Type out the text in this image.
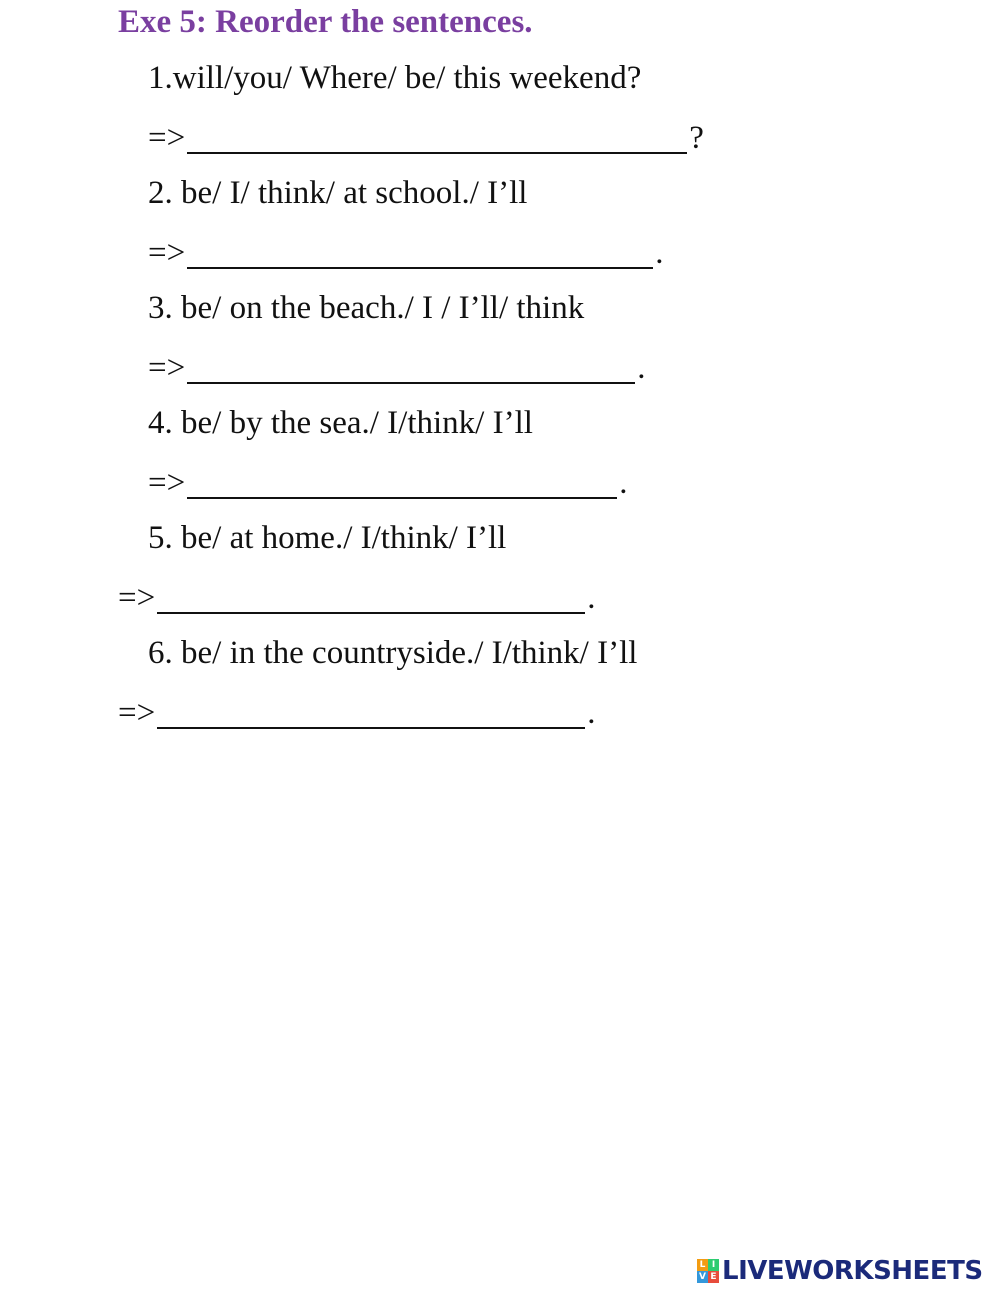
Exe 5: Reorder the sentences.
1.will/you/ Where/ be/ this weekend?
=>	?
2. be/ I/ think/ at school./ I’ll
=>	.
3. be/ on the beach./ I / I’ll/ think
=>	.
4. be/ by the sea./ I/think/ I’ll
=>	.
5. be/ at home./ I/think/ I’ll
=>	.
6. be/ in the countryside./ I/think/ I’ll
=>	.
L I
V E LIVEWORKSHEETS
